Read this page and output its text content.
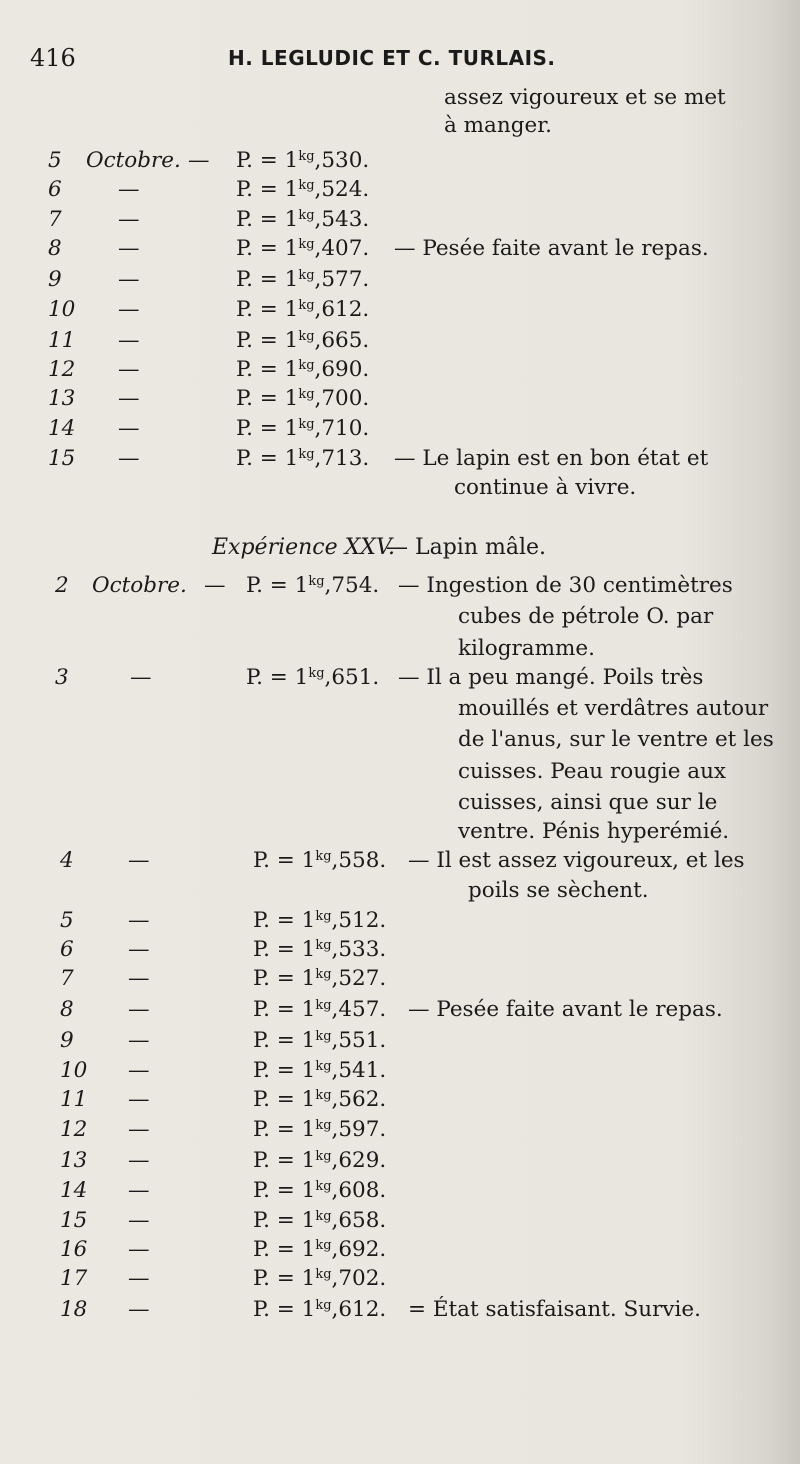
416	H. LEGLUDIC ET C. TURLAIS.
assez vigoureux et se met
à manger.
5 Octobre. — P. = $1^{kg},530$.
6	—	P. = $1^{kg},524$.
7	—	P. = $1^{kg},543$.
8	—	P. = $1^{kg},407$. — Pesée faite avant le repas.
9	—	P. = $1^{kg},577$.
10 —	P. = $1^{kg},612$.
11 —	P. = $1^{kg},665$.
12 —	P. = $1^{kg},690$.
13 —	P. = $1^{kg},700$.
14 —	P. = $1^{kg},710$.
15 —	P. = $1^{kg},713$. — Le lapin est en bon état et
continue à vivre.
Expérience XXV.
— Lapin mâle.
2 Octobre. — P. = $1^{kg},754$. — Ingestion de 30 centimètres
cubes de pétrole O. par
kilogramme.
3	—	P. = $1^{kg},651$. — Il a peu mangé. Poils très
mouillés et verdâtres autour
de l'anus, sur le ventre et les
cuisses. Peau rougie aux
cuisses, ainsi que sur le
ventre. Pénis hyperémié.
4	—	P. = $1^{kg},558$. — Il est assez vigoureux, et les
poils se sèchent.
5	—	P. = $1^{kg},512$.
6	—	P. = $1^{kg},533$.
7	—	P. = $1^{kg},527$.
8	—	P. = $1^{kg},457$. — Pesée faite avant le repas.
9	—	P. = $1^{kg},551$.
10 —	P. = $1^{kg},541$.
11 —	P. = $1^{kg},562$.
12 —	P. = $1^{kg},597$.
13 —	P. = $1^{kg},629$.
14 —	P. = $1^{kg},608$.
15 —	P. = $1^{kg},658$.
16 —	P. = $1^{kg},692$.
17 —	P. = $1^{kg},702$.
18 —	P. = $1^{kg},612$. = État satisfaisant. Survie.
